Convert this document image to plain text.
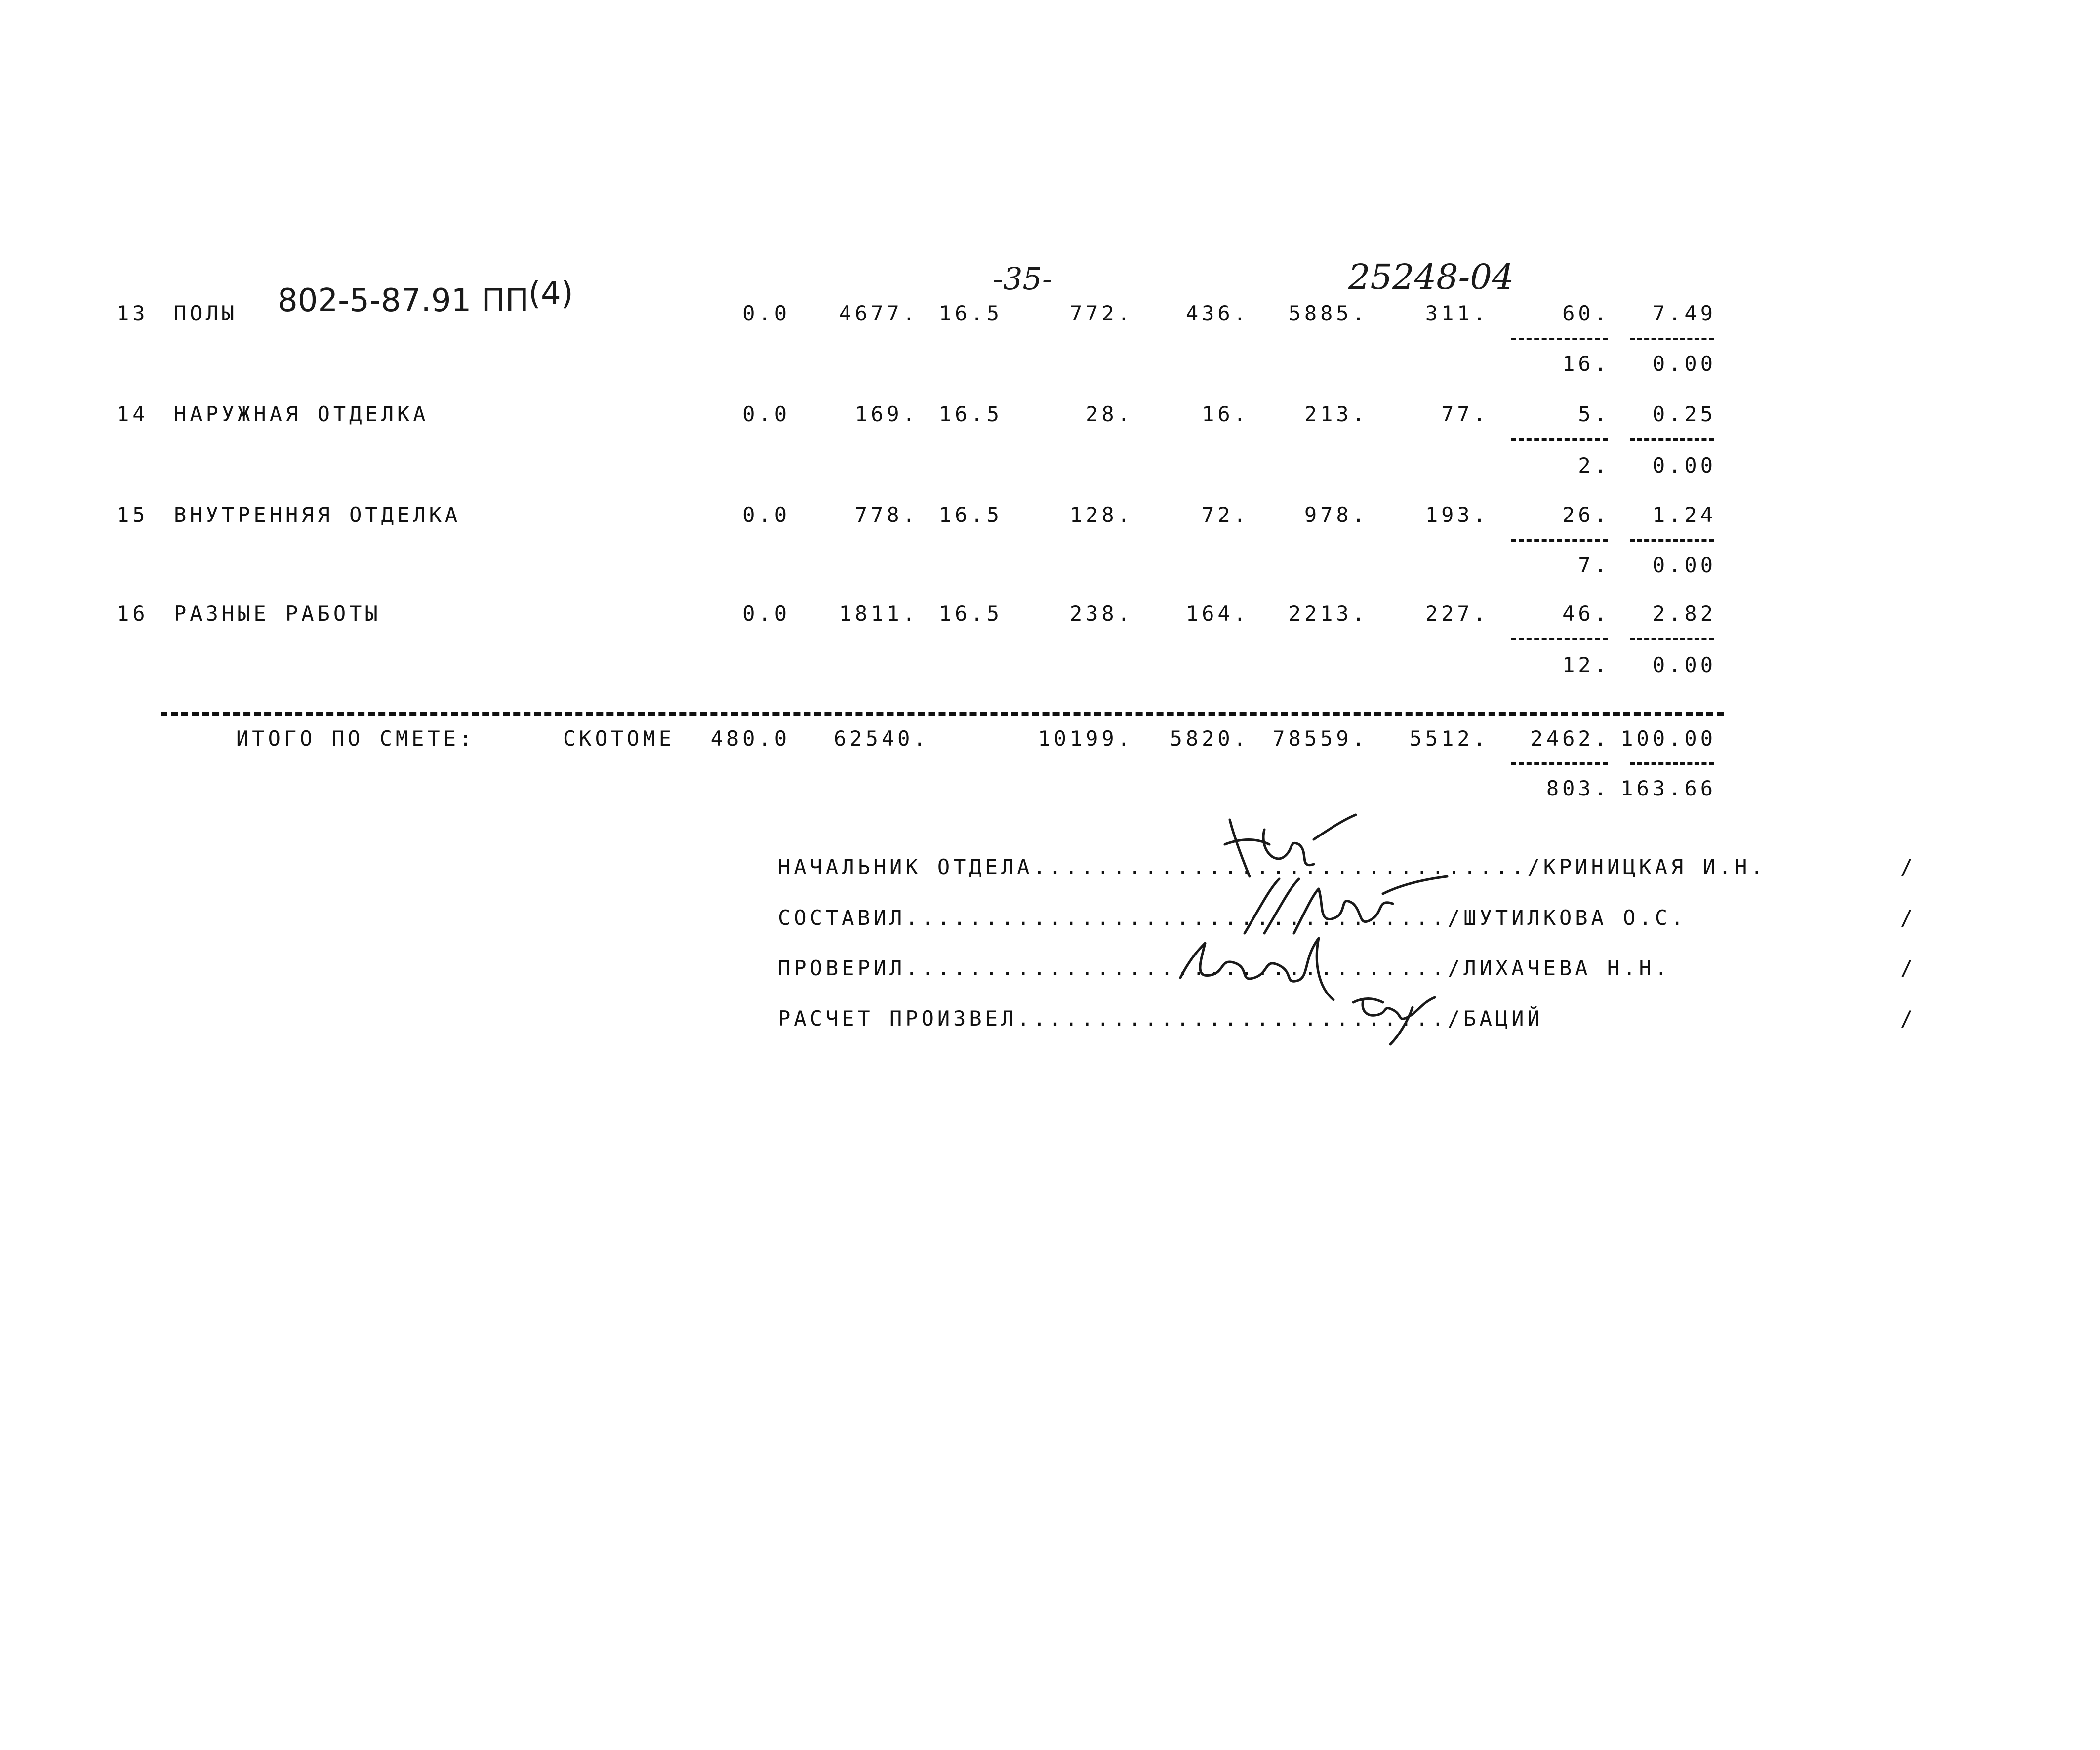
-35-	25248-04
802-5-87.91 ПП (4)
13 ПОЛЫ	0.0	4677. 16.5	772.	436.	5885.	311.	60.	7.49
16.	0.00
14 НАРУЖНАЯ ОТДЕЛКА	0.0	169. 16.5	28.	16.	213.	77.	5.	0.25
2.	0.00
15 ВНУТРЕННЯЯ ОТДЕЛКА	0.0	778. 16.5	128.	72.	978.	193.	26.	1.24
7.	0.00
16 РАЗНЫЕ РАБОТЫ	0.0	1811. 16.5	238.	164.	2213.	227.	46.	2.82
12.	0.00
ИТОГО ПО СМЕТЕ:	СКОТОМЕ	480.0 62540.	10199.	5820. 78559.	5512.	2462. 100.00
803. 163.66
НАЧАЛЬНИК ОТДЕЛА.............................../КРИНИЦКАЯ И.Н.	/
СОСТАВИЛ................................../ШУТИЛКОВА О.С.	/
ПРОВЕРИЛ................................../ЛИХАЧЕВА Н.Н.	/
РАСЧЕТ ПРОИЗВЕЛ.........................../БАЦИЙ	/
